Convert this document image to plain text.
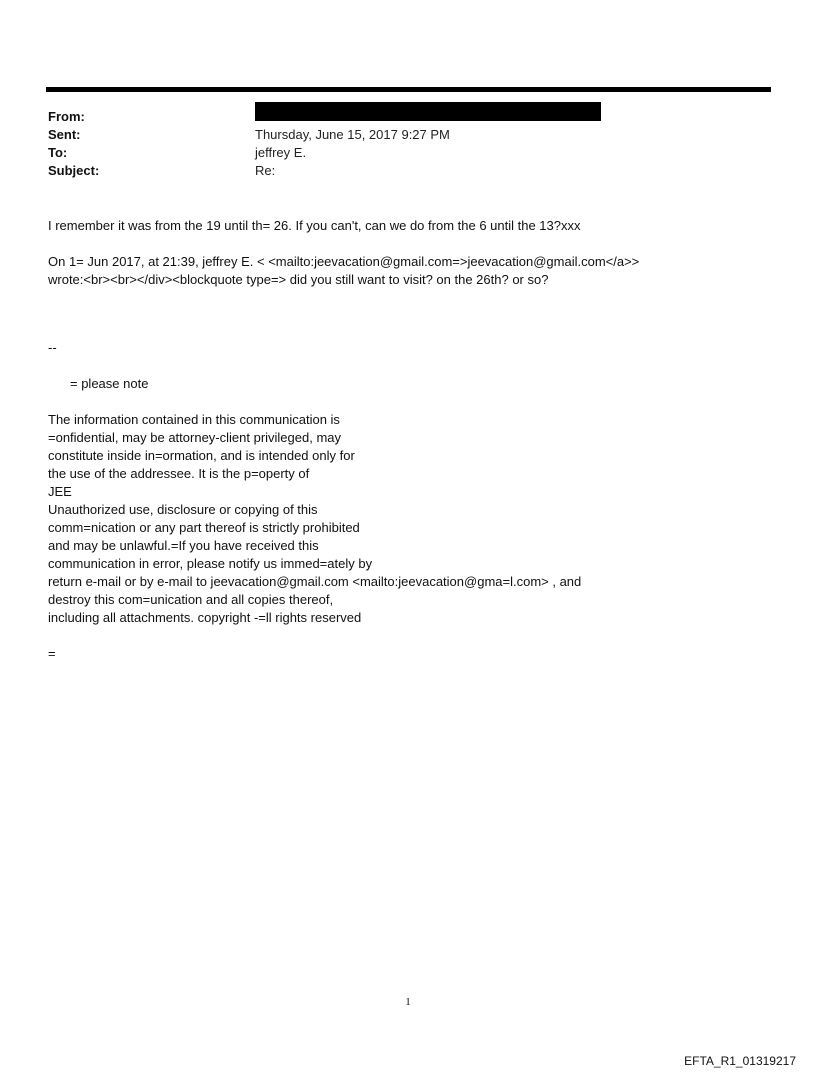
From:
Sent:	Thursday, June 15, 2017 9:27 PM
To:	jeffrey E.
Subject:	Re:

I remember it was from the 19 until th= 26. If you can't, can we do from the 6 until the 13?xxx

On 1= Jun 2017, at 21:39, jeffrey E. < <mailto:jeevacation@gmail.com=>jeevacation@gmail.com</a>>

wrote:<br><br></div><blockquote type=> did you still want to visit? on the 26th? or so?

--

= please note

The information contained in this communication is

=onfidential, may be attorney-client privileged, may

constitute inside in=ormation, and is intended only for

the use of the addressee. It is the p=operty of

JEE

Unauthorized use, disclosure or copying of this

comm=nication or any part thereof is strictly prohibited

and may be unlawful.=If you have received this

communication in error, please notify us immed=ately by

return e-mail or by e-mail to jeevacation@gmail.com <mailto:jeevacation@gma=l.com> , and

destroy this com=unication and all copies thereof,

including all attachments. copyright -=ll rights reserved

=

1
EFTA_R1_01319217
